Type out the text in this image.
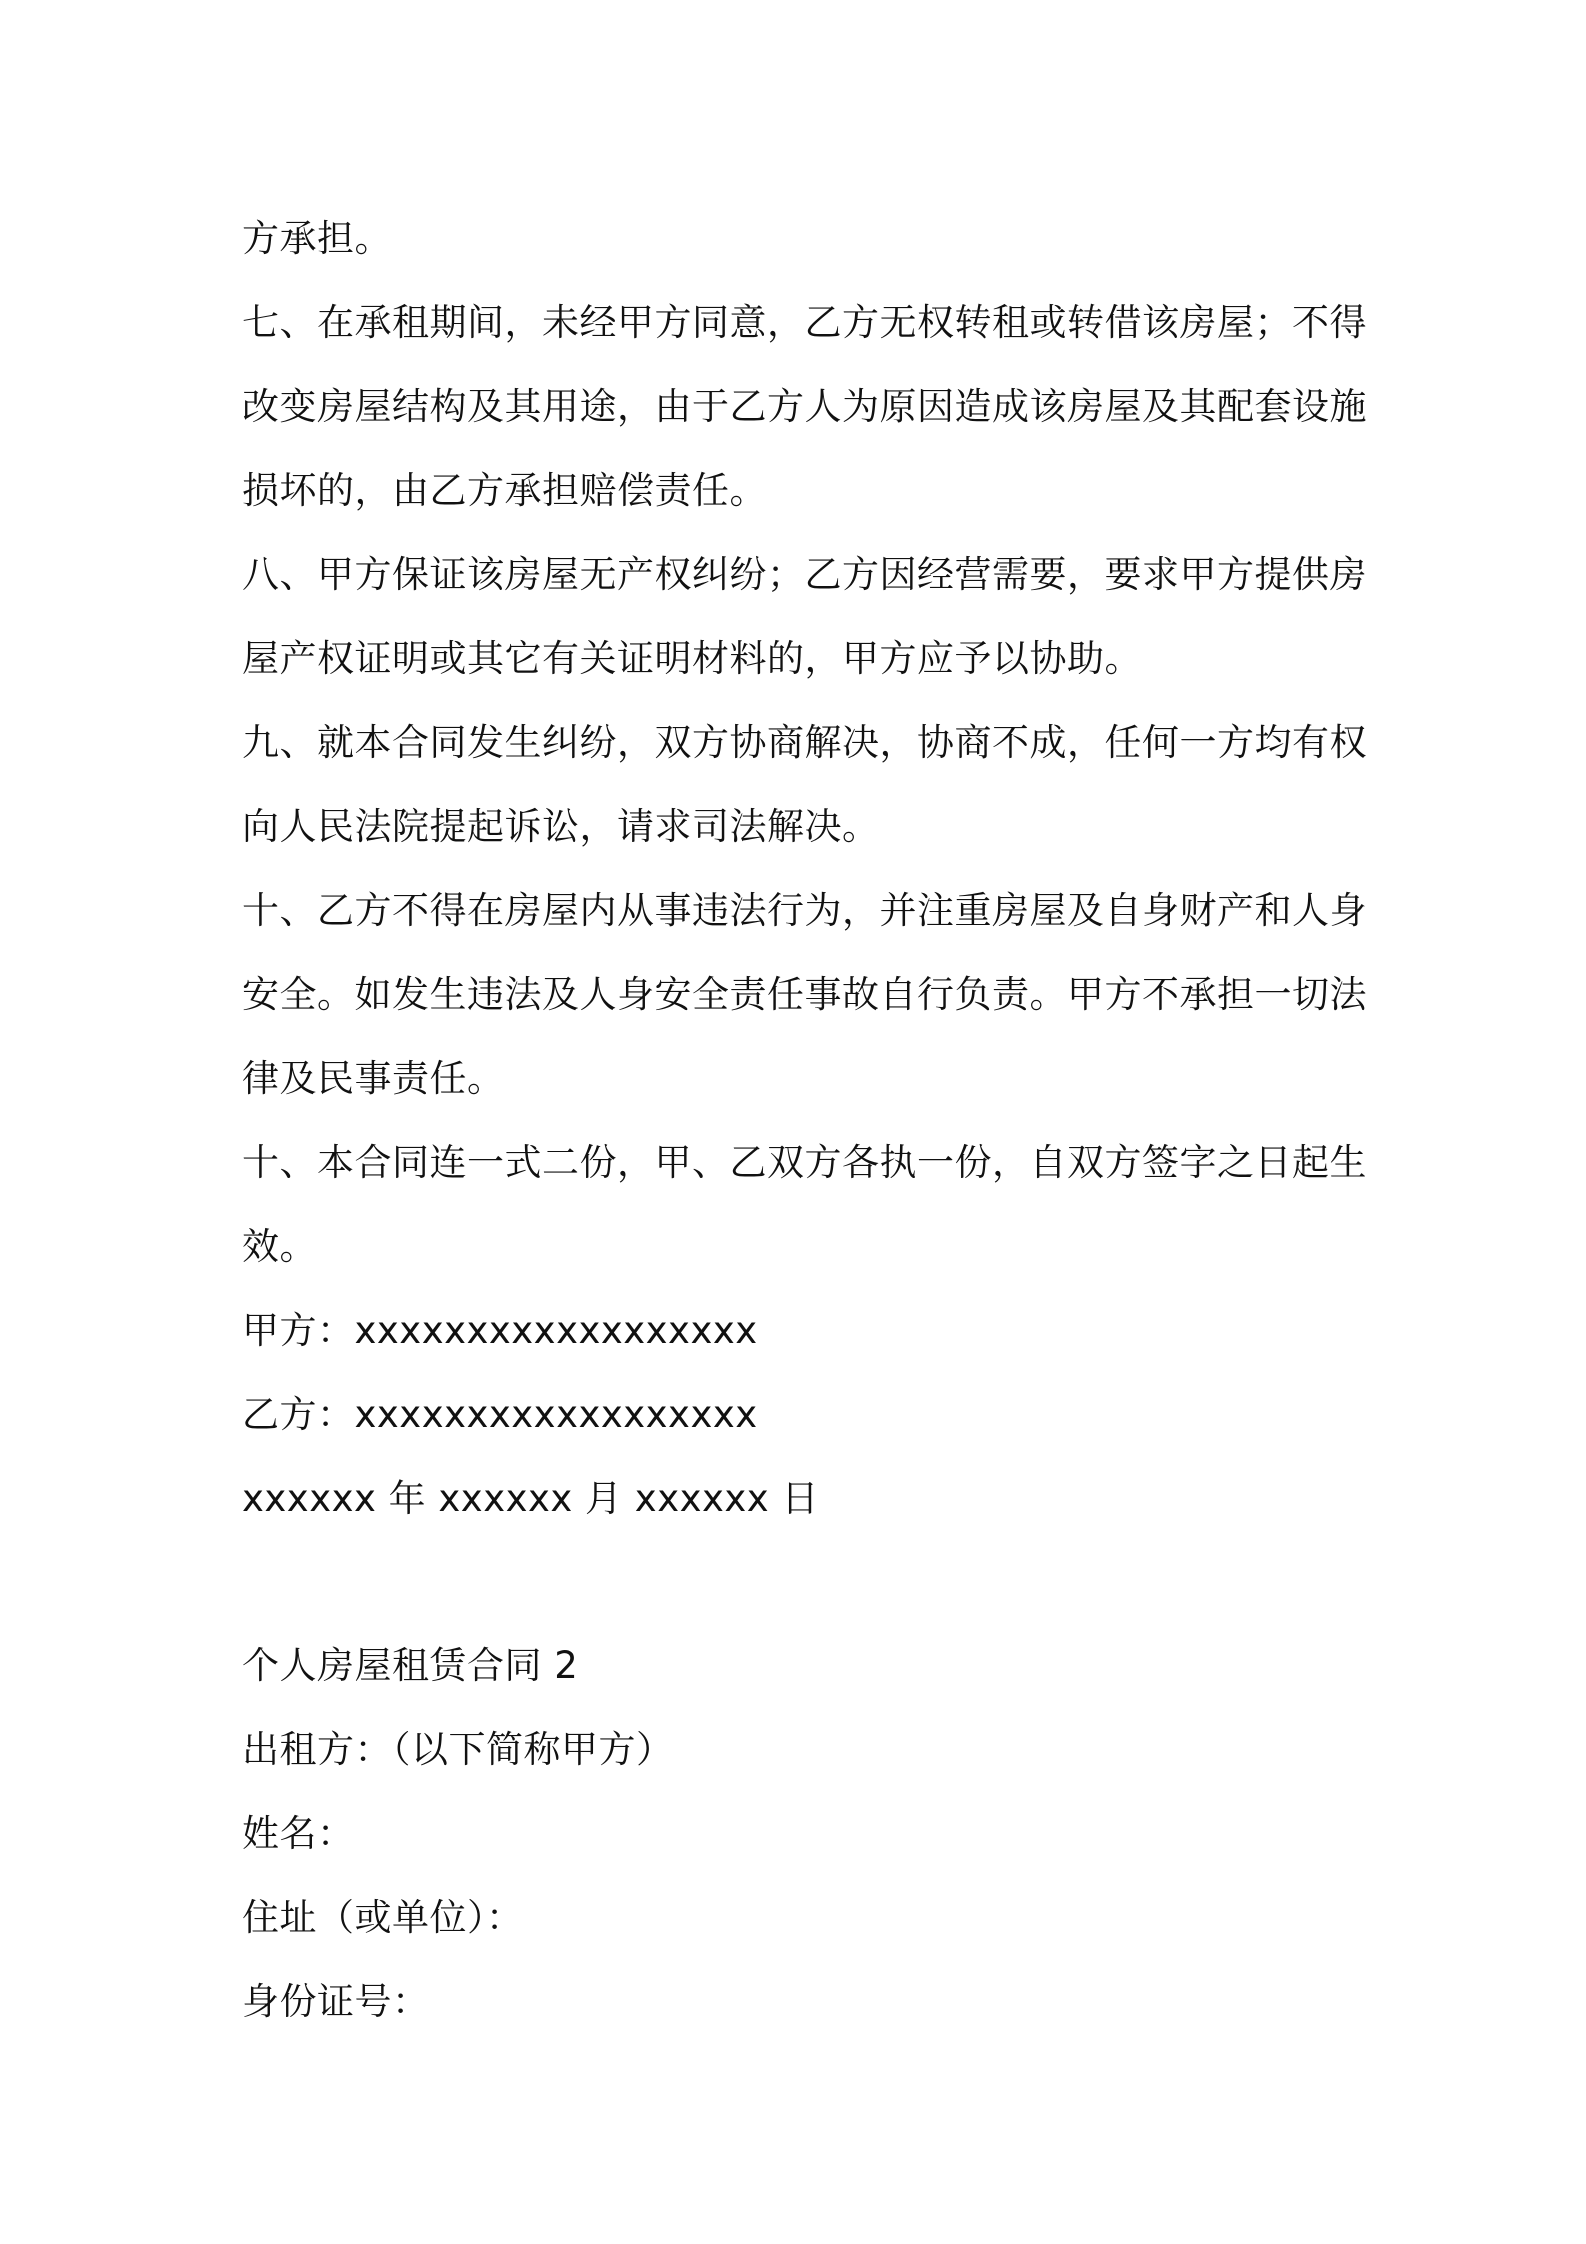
方承担。
七、在承租期间，未经甲方同意，乙方无权转租或转借该房屋；不得
改变房屋结构及其用途，由于乙方人为原因造成该房屋及其配套设施
损坏的，由乙方承担赔偿责任。
八、甲方保证该房屋无产权纠纷；乙方因经营需要，要求甲方提供房
屋产权证明或其它有关证明材料的，甲方应予以协助。
九、就本合同发生纠纷，双方协商解决，协商不成，任何一方均有权
向人民法院提起诉讼，请求司法解决。
十、乙方不得在房屋内从事违法行为，并注重房屋及自身财产和人身
安全。如发生违法及人身安全责任事故自行负责。甲方不承担一切法
律及民事责任。
十、本合同连一式二份，甲、乙双方各执一份，自双方签字之日起生
效。
甲方：xxxxxxxxxxxxxxxxxx
乙方：xxxxxxxxxxxxxxxxxx
xxxxxx 年 xxxxxx 月 xxxxxx 日
个人房屋租赁合同 2
出租方：（以下简称甲方）
姓名：
住址（或单位）：
身份证号：
